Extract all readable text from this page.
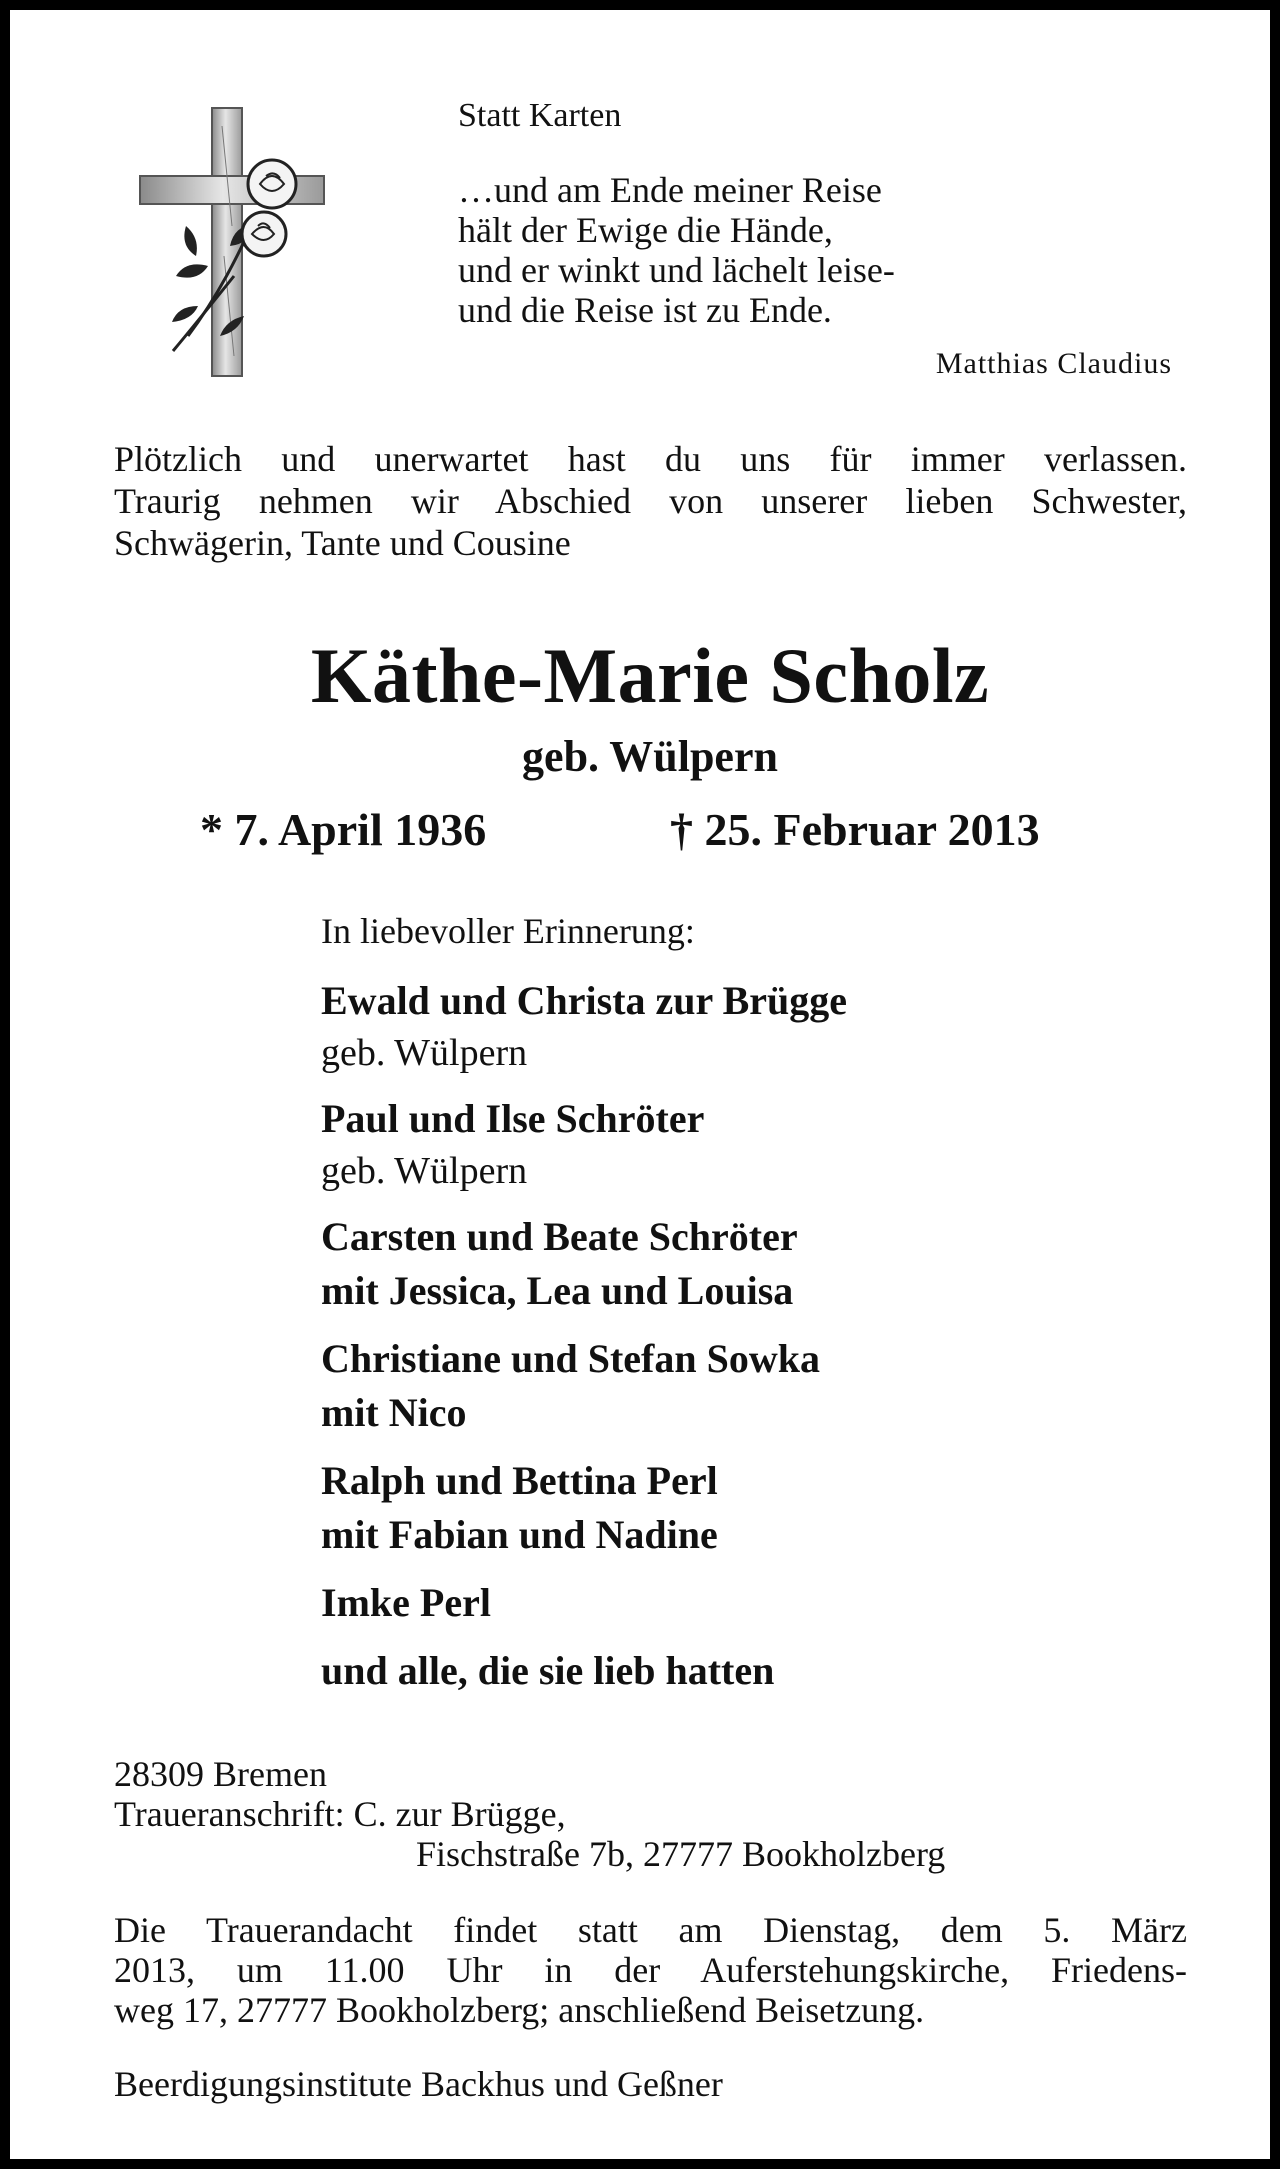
Statt Karten
…und am Ende meiner Reise
hält der Ewige die Hände,
und er winkt und lächelt leise-
und die Reise ist zu Ende.
Matthias Claudius
Plötzlich und unerwartet hast du uns für immer verlassen.
Traurig nehmen wir Abschied von unserer lieben Schwester,
Schwägerin, Tante und Cousine
Käthe-Marie Scholz
geb. Wülpern
* 7. April 1936	† 25. Februar 2013
In liebevoller Erinnerung:
Ewald und Christa zur Brügge
geb. Wülpern
Paul und Ilse Schröter
geb. Wülpern
Carsten und Beate Schröter
mit Jessica, Lea und Louisa
Christiane und Stefan Sowka
mit Nico
Ralph und Bettina Perl
mit Fabian und Nadine
Imke Perl
und alle, die sie lieb hatten
28309 Bremen
Traueranschrift: C. zur Brügge,
Fischstraße 7b, 27777 Bookholzberg
Die Trauerandacht findet statt am Dienstag, dem 5. März
2013, um 11.00 Uhr in der Auferstehungskirche, Friedens-
weg 17, 27777 Bookholzberg; anschließend Beisetzung.
Beerdigungsinstitute Backhus und Geßner
